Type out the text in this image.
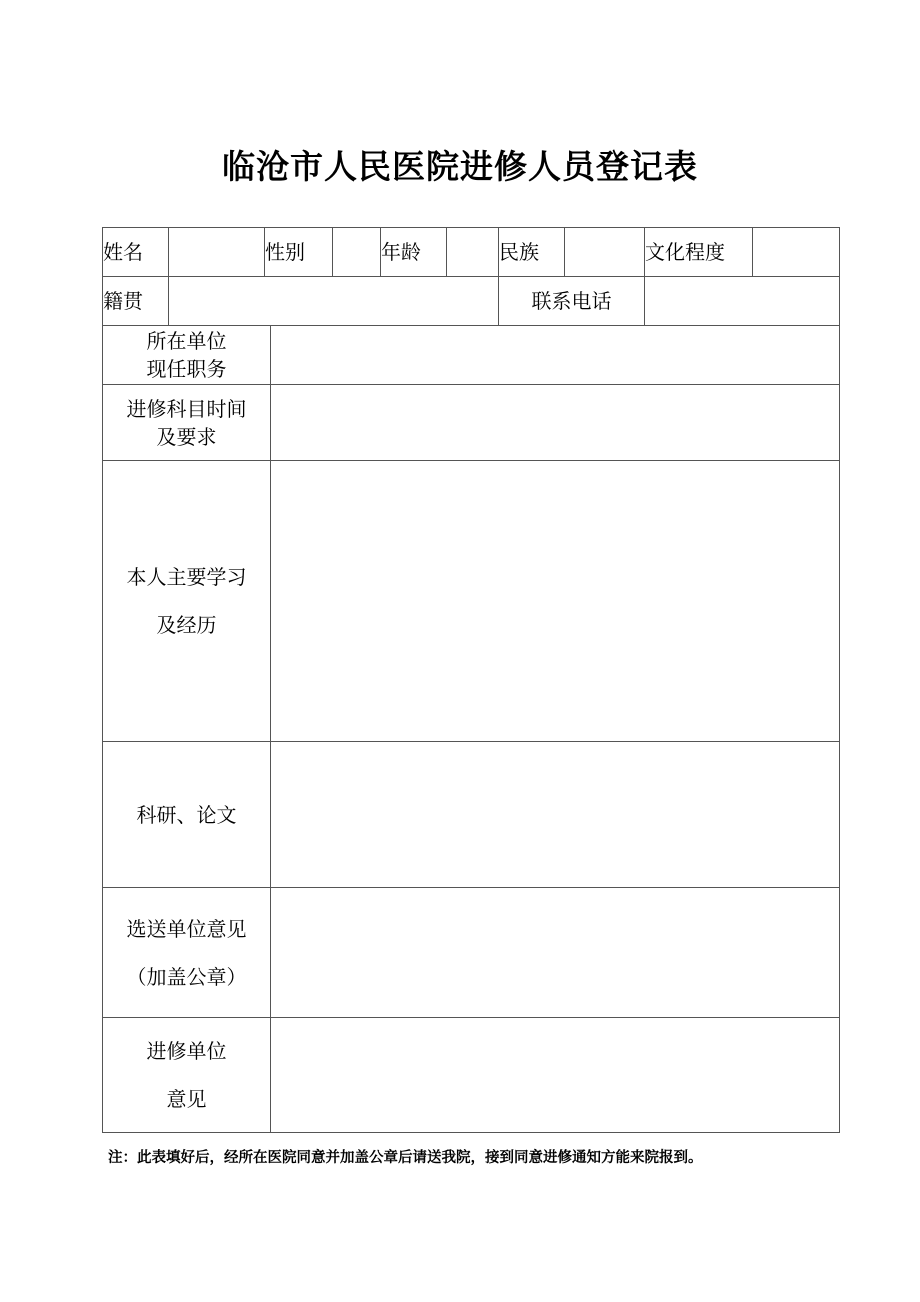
临沧市人民医院进修人员登记表
姓名		性别			年龄		民族		文化程度	
籍贯							联系电话			

所在单位
现任职务										

进修科目时间
及要求										

本人主要学习
及经历										

科研、论文										

选送单位意见
（加盖公章）										

进修单位
意见										

注：此表填好后，经所在医院同意并加盖公章后请送我院，接到同意进修通知方能来院报到。
